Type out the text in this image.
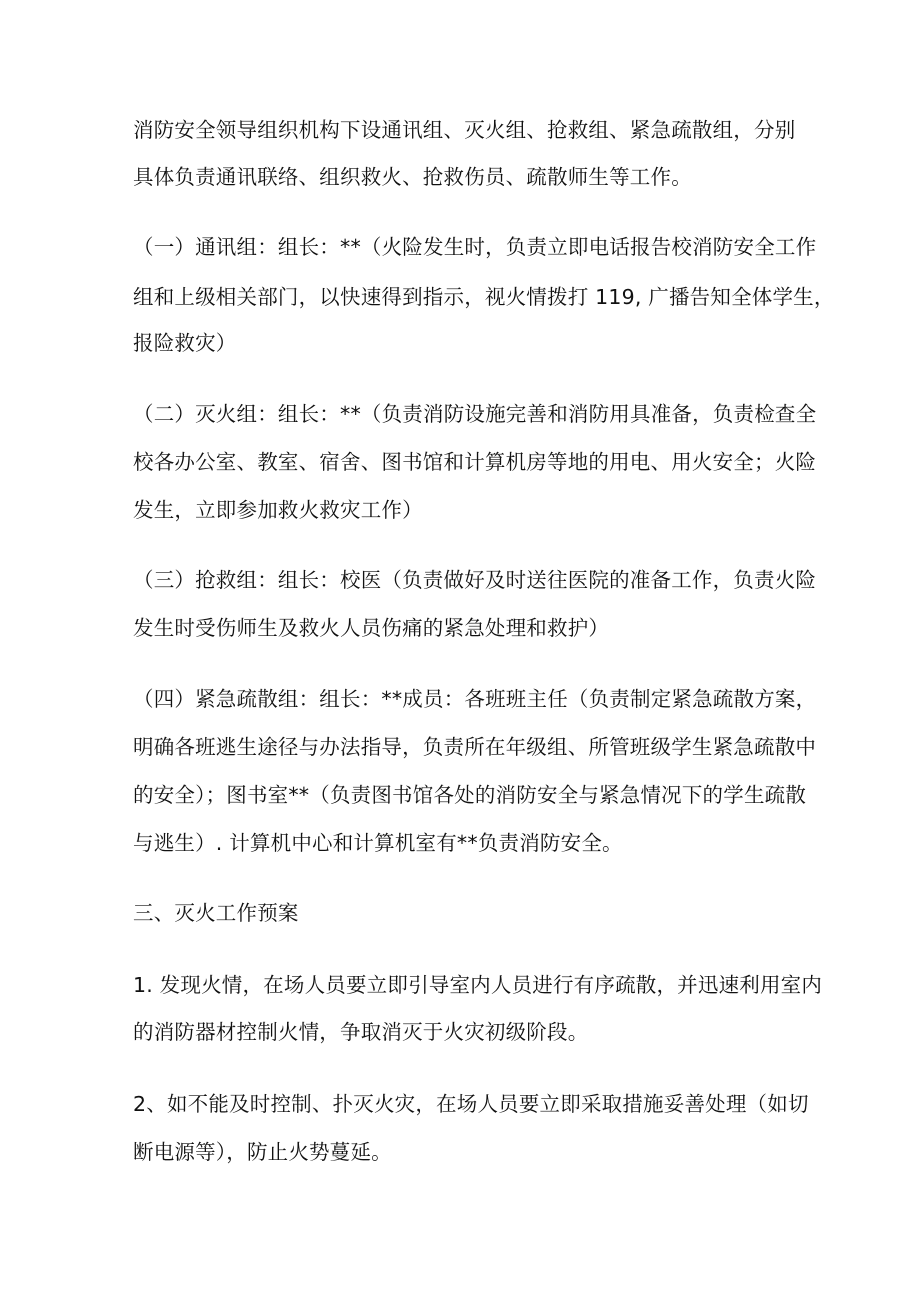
消防安全领导组织机构下设通讯组、灭火组、抢救组、紧急疏散组，分别
具体负责通讯联络、组织救火、抢救伤员、疏散师生等工作。
（一）通讯组：组长：**（火险发生时，负责立即电话报告校消防安全工作
组和上级相关部门，以快速得到指示，视火情拨打 119, 广播告知全体学生，
报险救灾）
（二）灭火组：组长：**（负责消防设施完善和消防用具准备，负责检查全
校各办公室、教室、宿舍、图书馆和计算机房等地的用电、用火安全；火险
发生，立即参加救火救灾工作）
（三）抢救组：组长：校医（负责做好及时送往医院的准备工作，负责火险
发生时受伤师生及救火人员伤痛的紧急处理和救护）
（四）紧急疏散组：组长：**成员：各班班主任（负责制定紧急疏散方案，
明确各班逃生途径与办法指导，负责所在年级组、所管班级学生紧急疏散中
的安全）；图书室**（负责图书馆各处的消防安全与紧急情况下的学生疏散
与逃生）. 计算机中心和计算机室有**负责消防安全。
三、灭火工作预案
1. 发现火情，在场人员要立即引导室内人员进行有序疏散，并迅速利用室内
的消防器材控制火情，争取消灭于火灾初级阶段。
2、如不能及时控制、扑灭火灾，在场人员要立即采取措施妥善处理（如切
断电源等），防止火势蔓延。
